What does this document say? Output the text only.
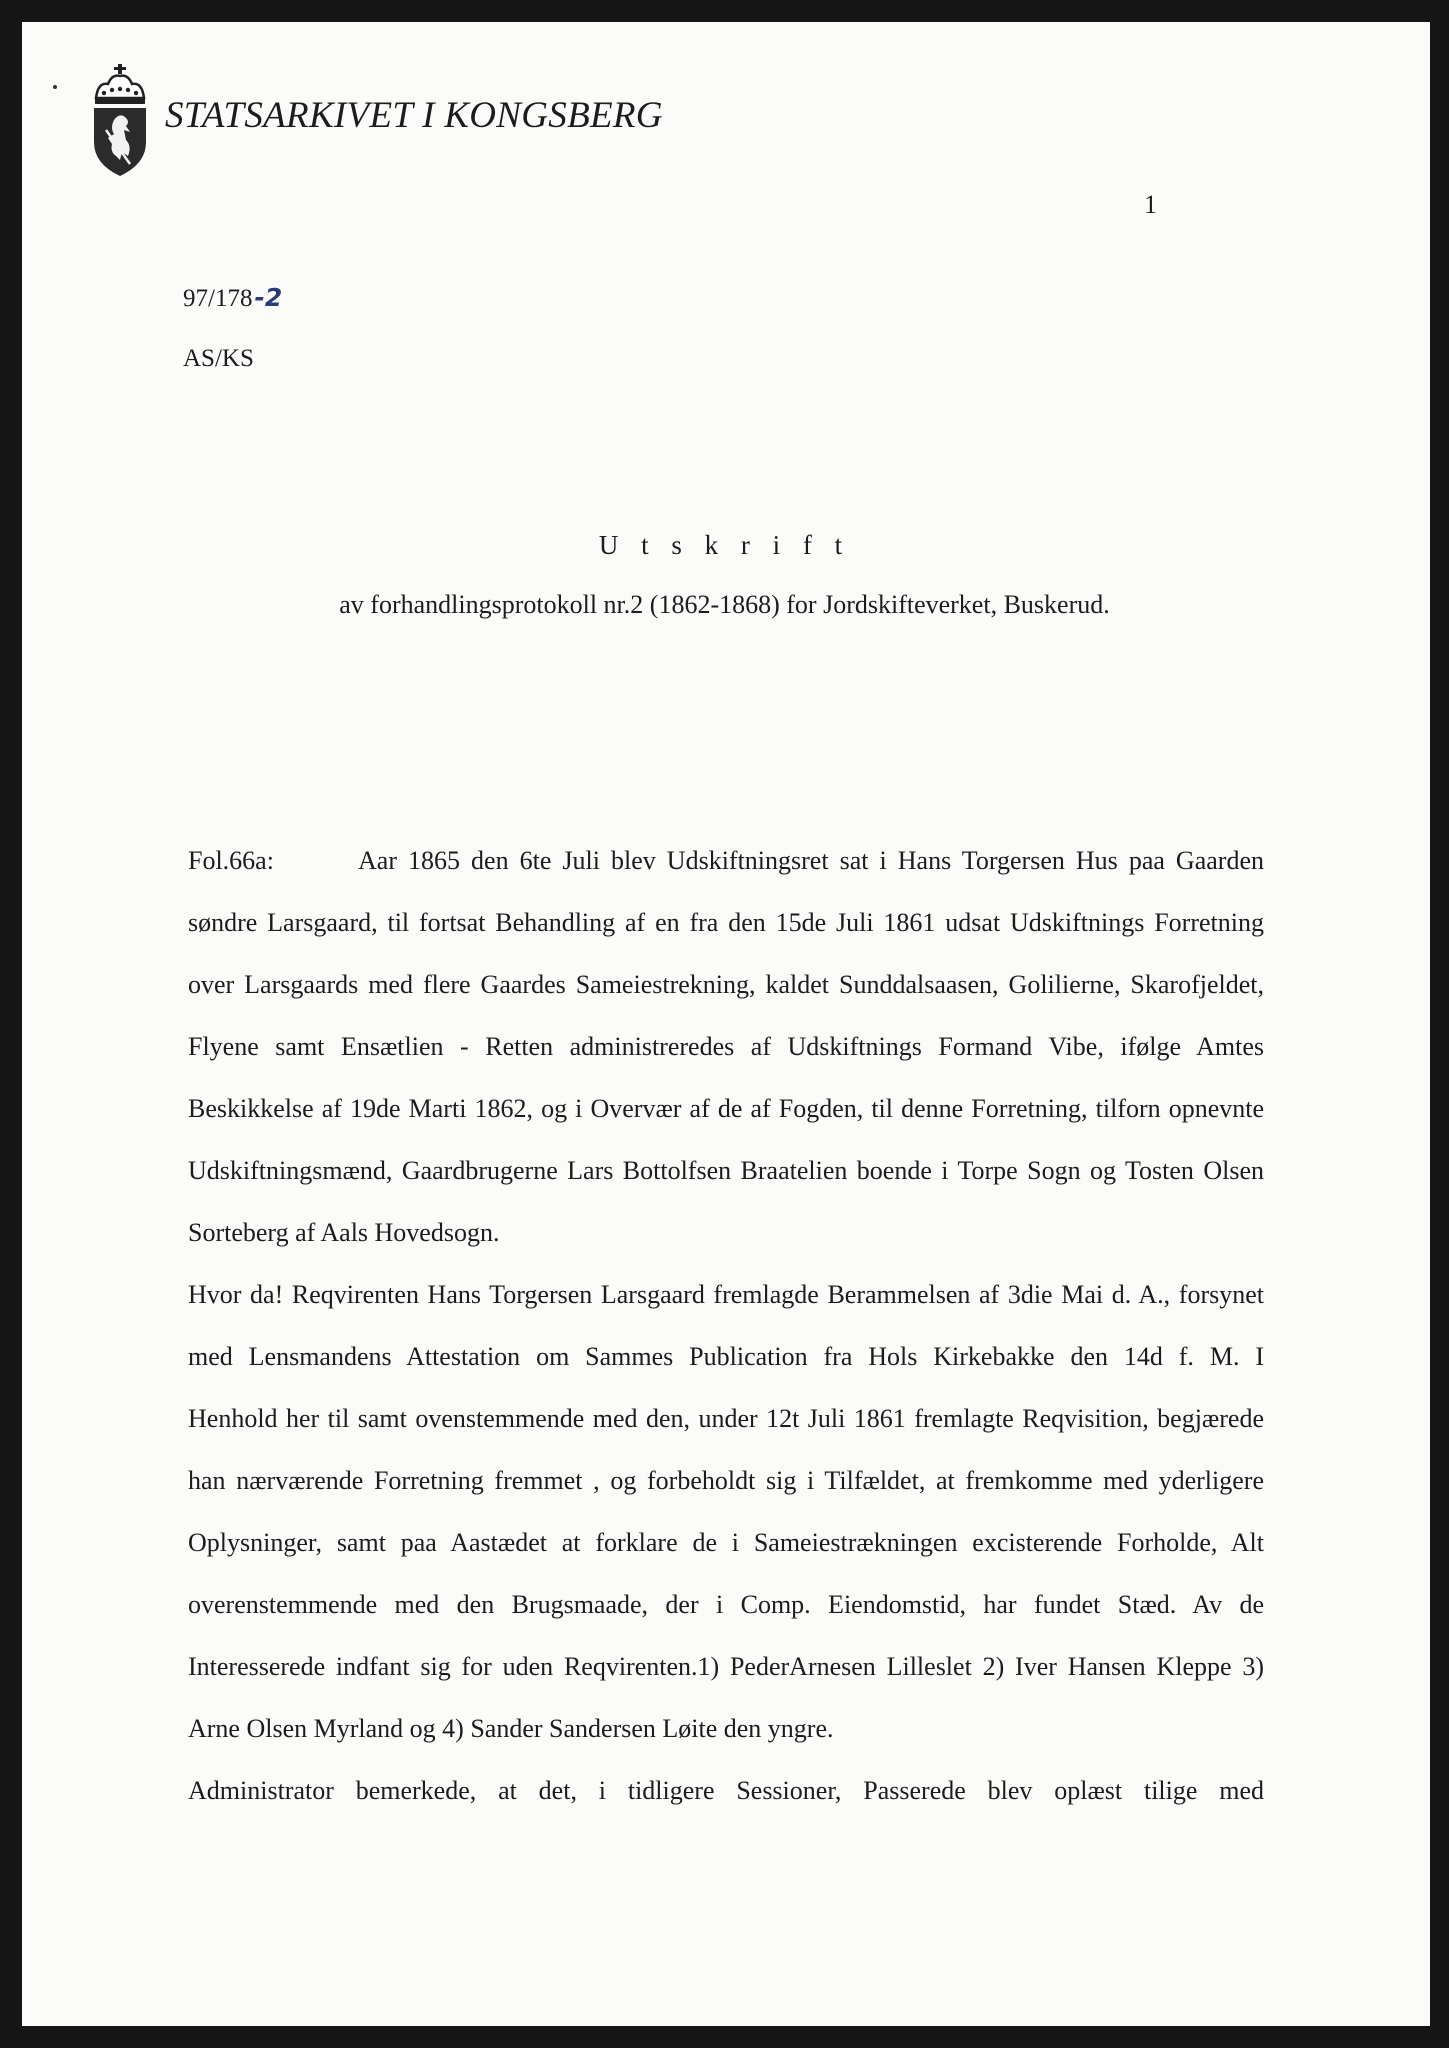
STATSARKIVET I KONGSBERG
1
97/178-2
AS/KS
U t s k r i f t
av forhandlingsprotokoll nr.2 (1862-1868) for Jordskifteverket, Buskerud.
Fol.66a:	Aar 1865 den 6te Juli blev Udskiftningsret sat i Hans Torgersen Hus paa Gaarden
søndre Larsgaard, til fortsat Behandling af en fra den 15de Juli 1861 udsat Udskiftnings Forretning
over Larsgaards med flere Gaardes Sameiestrekning, kaldet Sunddalsaasen, Golilierne, Skarofjeldet,
Flyene samt Ensætlien - Retten administreredes af Udskiftnings Formand Vibe, ifølge Amtes
Beskikkelse af 19de Marti 1862, og i Overvær af de af Fogden, til denne Forretning, tilforn opnevnte
Udskiftningsmænd, Gaardbrugerne Lars Bottolfsen Braatelien boende i Torpe Sogn og Tosten Olsen
Sorteberg af Aals Hovedsogn.
Hvor da! Reqvirenten Hans Torgersen Larsgaard fremlagde Berammelsen af 3die Mai d. A., forsynet
med Lensmandens Attestation om Sammes Publication fra Hols Kirkebakke den 14d f. M. I
Henhold her til samt ovenstemmende med den, under 12t Juli 1861 fremlagte Reqvisition, begjærede
han nærværende Forretning fremmet , og forbeholdt sig i Tilfældet, at fremkomme med yderligere
Oplysninger, samt paa Aastædet at forklare de i Sameiestrækningen excisterende Forholde, Alt
overenstemmende med den Brugsmaade, der i Comp. Eiendomstid, har fundet Stæd. Av de
Interesserede indfant sig for uden Reqvirenten.1) PederArnesen Lilleslet 2) Iver Hansen Kleppe 3)
Arne Olsen Myrland og 4) Sander Sandersen Løite den yngre.
Administrator bemerkede, at det, i tidligere Sessioner, Passerede blev oplæst tilige med
